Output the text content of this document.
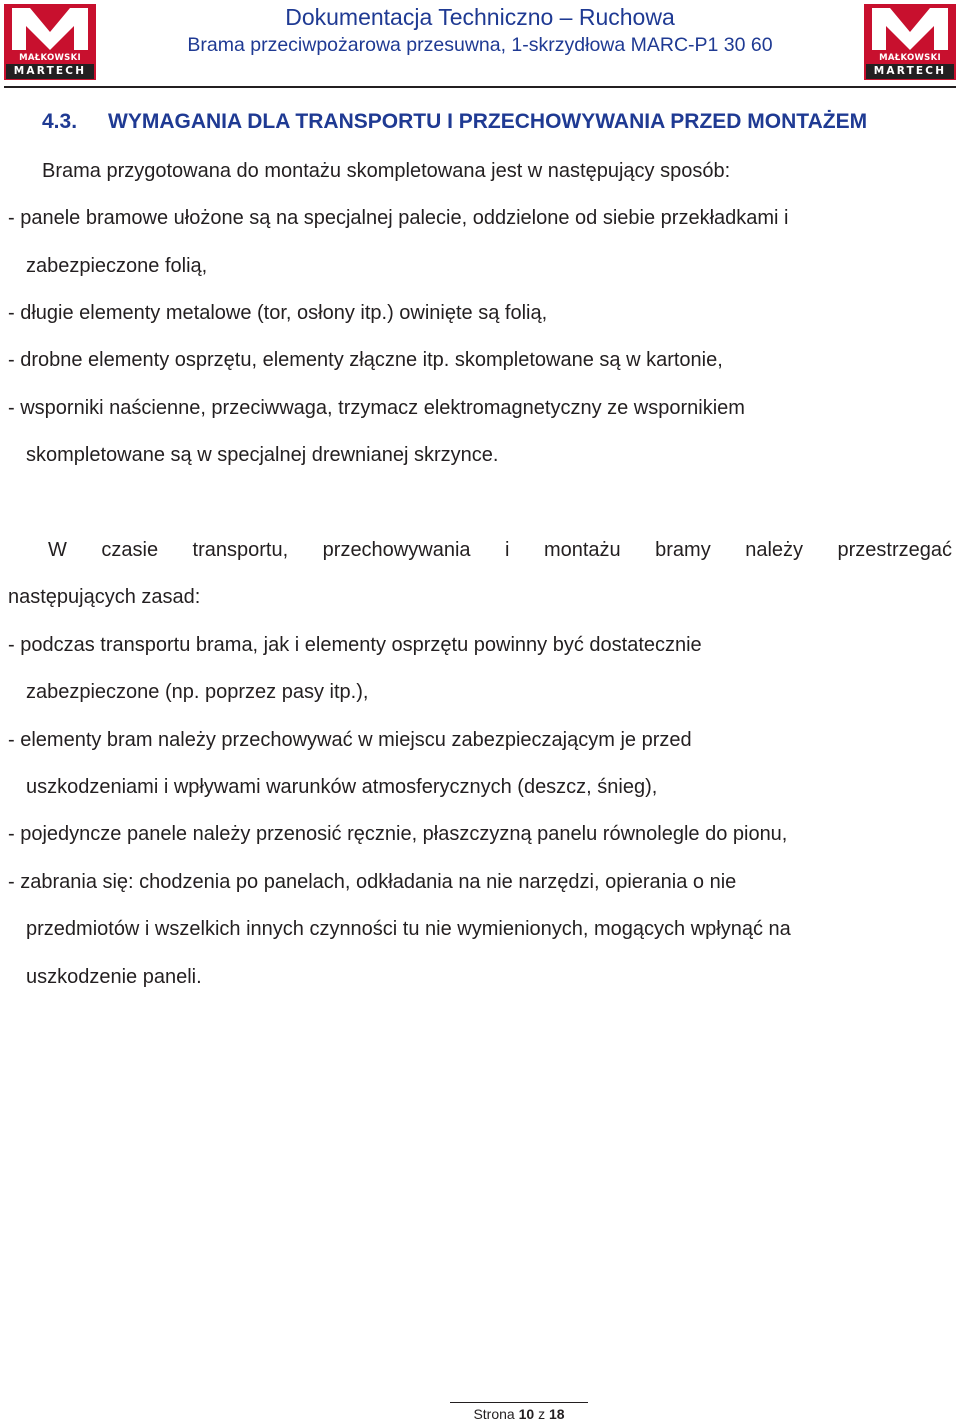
MAŁKOWSKI
MARTECH
Dokumentacja Techniczno – Ruchowa
Brama przeciwpożarowa przesuwna, 1-skrzydłowa MARC-P1 30 60
MAŁKOWSKI
MARTECH
4.3. WYMAGANIA DLA TRANSPORTU I PRZECHOWYWANIA PRZED MONTAŻEM
Brama przygotowana do montażu skompletowana jest w następujący sposób:
- panele bramowe ułożone są na specjalnej palecie, oddzielone od siebie przekładkami i
zabezpieczone folią,
- długie elementy metalowe (tor, osłony itp.) owinięte są folią,
- drobne elementy osprzętu, elementy złączne itp. skompletowane są w kartonie,
- wsporniki naścienne, przeciwwaga, trzymacz elektromagnetyczny ze wspornikiem
skompletowane są w specjalnej drewnianej skrzynce.
W czasie transportu, przechowywania i montażu bramy należy przestrzegać
następujących zasad:
- podczas transportu brama, jak i elementy osprzętu powinny być dostatecznie
zabezpieczone (np. poprzez pasy itp.),
- elementy bram należy przechowywać w miejscu zabezpieczającym je przed
uszkodzeniami i wpływami warunków atmosferycznych (deszcz, śnieg),
- pojedyncze panele należy przenosić ręcznie, płaszczyzną panelu równolegle do pionu,
- zabrania się: chodzenia po panelach, odkładania na nie narzędzi, opierania o nie
przedmiotów i wszelkich innych czynności tu nie wymienionych, mogących wpłynąć na
uszkodzenie paneli.
Strona 10 z 18
